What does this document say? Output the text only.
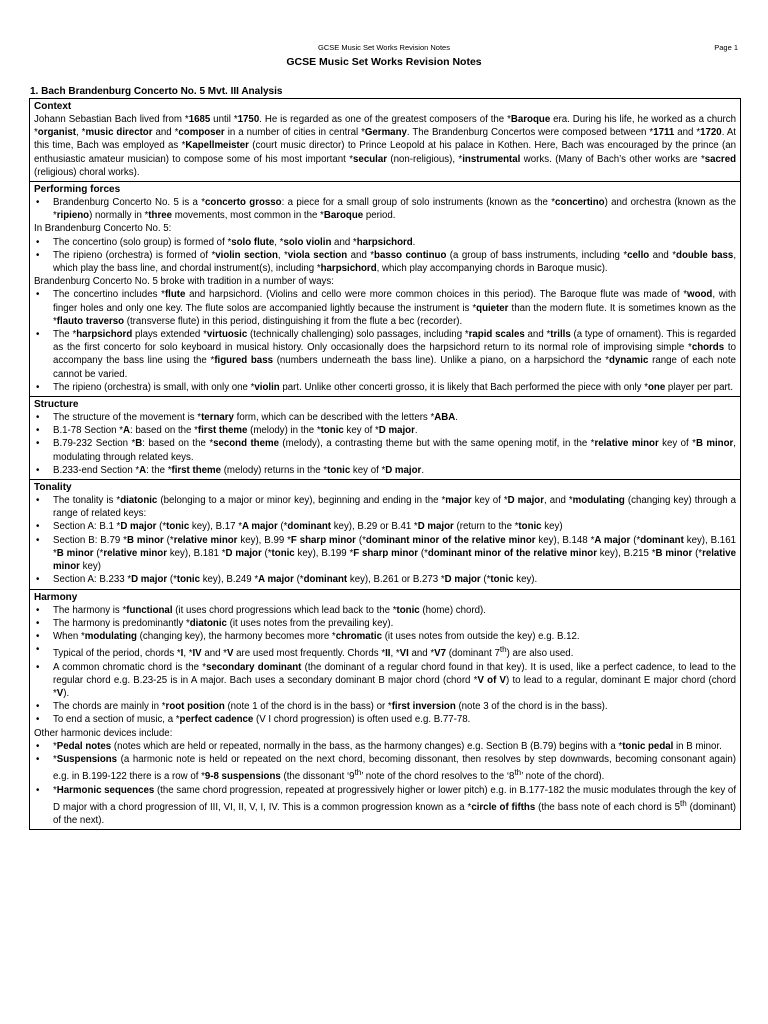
GCSE Music Set Works Revision Notes	Page 1
GCSE Music Set Works Revision Notes
1. Bach Brandenburg Concerto No. 5 Mvt. III Analysis
Context

Johann Sebastian Bach lived from *1685 until *1750. He is regarded as one of the greatest composers of the *Baroque era. During his life, he worked as a church *organist, *music director and *composer in a number of cities in central *Germany. The Brandenburg Concertos were composed between *1711 and *1720. At this time, Bach was employed as *Kapellmeister (court music director) to Prince Leopold at his palace in Kothen. Here, Bach was encouraged by the prince (an enthusiastic amateur musician) to compose some of his most important *secular (non-religious), *instrumental works. (Many of Bach’s other works are *sacred (religious) choral works).

Performing forces
• Brandenburg Concerto No. 5 is a *concerto grosso: a piece for a small group of solo instruments (known as the *concertino) and orchestra (known as the *ripieno) normally in *three movements, most common in the *Baroque period.

In Brandenburg Concerto No. 5:

• The concertino (solo group) is formed of *solo flute, *solo violin and *harpsichord.
• The ripieno (orchestra) is formed of *violin section, *viola section and *basso continuo (a group of bass instruments, including *cello and *double bass, which play the bass line, and chordal instrument(s), including *harpsichord, which play accompanying chords in Baroque music).

Brandenburg Concerto No. 5 broke with tradition in a number of ways:

• The concertino includes *flute and harpsichord. (Violins and cello were more common choices in this period). The Baroque flute was made of *wood, with finger holes and only one key. The flute solos are accompanied lightly because the instrument is *quieter than the modern flute. It is sometimes known as the *flauto traverso (transverse flute) in this period, distinguishing it from the flute a bec (recorder).
• The *harpsichord plays extended *virtuosic (technically challenging) solo passages, including *rapid scales and *trills (a type of ornament). This is regarded as the first concerto for solo keyboard in musical history. Only occasionally does the harpsichord return to its normal role of improvising simple *chords to accompany the bass line using the *figured bass (numbers underneath the bass line). Unlike a piano, on a harpsichord the *dynamic range of each note cannot be varied.
• The ripieno (orchestra) is small, with only one *violin part. Unlike other concerti grosso, it is likely that Bach performed the piece with only *one player per part.
Structure
• The structure of the movement is *ternary form, which can be described with the letters *ABA.
• B.1-78 Section *A: based on the *first theme (melody) in the *tonic key of *D major.
• B.79-232 Section *B: based on the *second theme (melody), a contrasting theme but with the same opening motif, in the *relative minor key of *B minor, modulating through related keys.
• B.233-end Section *A: the *first theme (melody) returns in the *tonic key of *D major.
Tonality
• The tonality is *diatonic (belonging to a major or minor key), beginning and ending in the *major key of *D major, and *modulating (changing key) through a range of related keys:
• Section A: B.1 *D major (*tonic key), B.17 *A major (*dominant key), B.29 or B.41 *D major (return to the *tonic key)
• Section B: B.79 *B minor (*relative minor key), B.99 *F sharp minor (*dominant minor of the relative minor key), B.148 *A major (*dominant key), B.161 *B minor (*relative minor key), B.181 *D major (*tonic key), B.199 *F sharp minor (*dominant minor of the relative minor key), B.215 *B minor (*relative minor key)
• Section A: B.233 *D major (*tonic key), B.249 *A major (*dominant key), B.261 or B.273 *D major (*tonic key).
Harmony
• The harmony is *functional (it uses chord progressions which lead back to the *tonic (home) chord).
• The harmony is predominantly *diatonic (it uses notes from the prevailing key).
• When *modulating (changing key), the harmony becomes more *chromatic (it uses notes from outside the key) e.g. B.12.
• Typical of the period, chords *I, *IV and *V are used most frequently. Chords *II, *VI and *V7 (dominant 7th) are also used.
• A common chromatic chord is the *secondary dominant (the dominant of a regular chord found in that key). It is used, like a perfect cadence, to lead to the regular chord e.g. B.23-25 is in A major. Bach uses a secondary dominant B major chord (chord *V of V) to lead to a regular, dominant E major chord (chord *V).
• The chords are mainly in *root position (note 1 of the chord is in the bass) or *first inversion (note 3 of the chord is in the bass).
• To end a section of music, a *perfect cadence (V I chord progression) is often used e.g. B.77-78.

Other harmonic devices include:

• *Pedal notes (notes which are held or repeated, normally in the bass, as the harmony changes) e.g. Section B (B.79) begins with a *tonic pedal in B minor.
• *Suspensions (a harmonic note is held or repeated on the next chord, becoming dissonant, then resolves by step downwards, becoming consonant again) e.g. in B.199-122 there is a row of *9-8 suspensions (the dissonant ‘9th’ note of the chord resolves to the ‘8th’ note of the chord).
• *Harmonic sequences (the same chord progression, repeated at progressively higher or lower pitch) e.g. in B.177-182 the music modulates through the key of D major with a chord progression of III, VI, II, V, I, IV. This is a common progression known as a *circle of fifths (the bass note of each chord is 5th (dominant) of the next).
